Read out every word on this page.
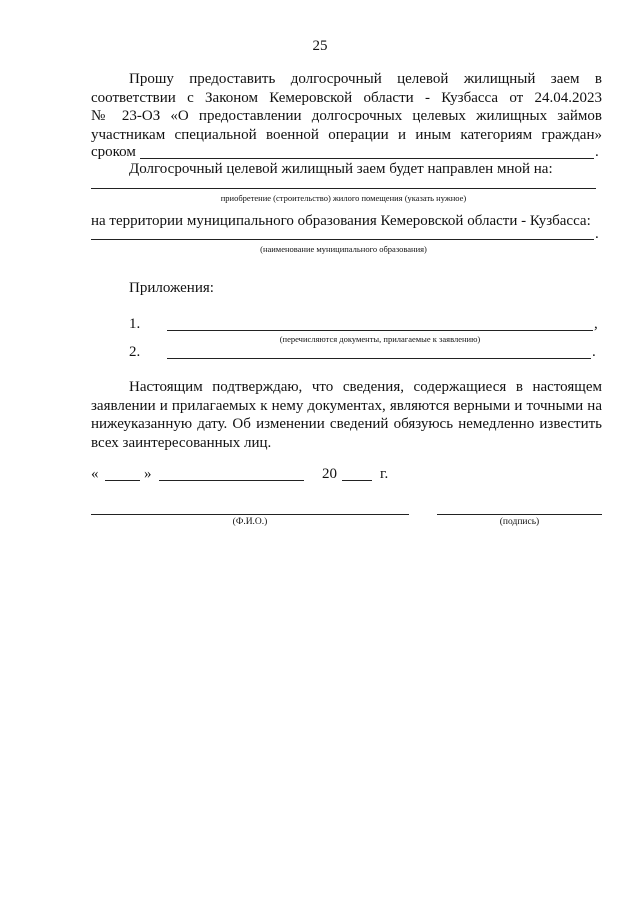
25
Прошу предоставить долгосрочный целевой жилищный заем в
соответствии с Законом Кемеровской области - Кузбасса от 24.04.2023
№ 23-ОЗ «О предоставлении долгосрочных целевых жилищных займов
участникам специальной военной операции и иным категориям граждан»
сроком	.
Долгосрочный целевой жилищный заем будет направлен мной на:
приобретение (строительство) жилого помещения (указать нужное)
на территории муниципального образования Кемеровской области - Кузбасса:
.
(наименование муниципального образования)
Приложения:
1.	,
(перечисляются документы, прилагаемые к заявлению)
2.	.
Настоящим подтверждаю, что сведения, содержащиеся в настоящем
заявлении и прилагаемых к нему документах, являются верными и точными на
нижеуказанную дату. Об изменении сведений обязуюсь немедленно известить
всех заинтересованных лиц.
«	»	20	г.
(Ф.И.О.)	(подпись)
